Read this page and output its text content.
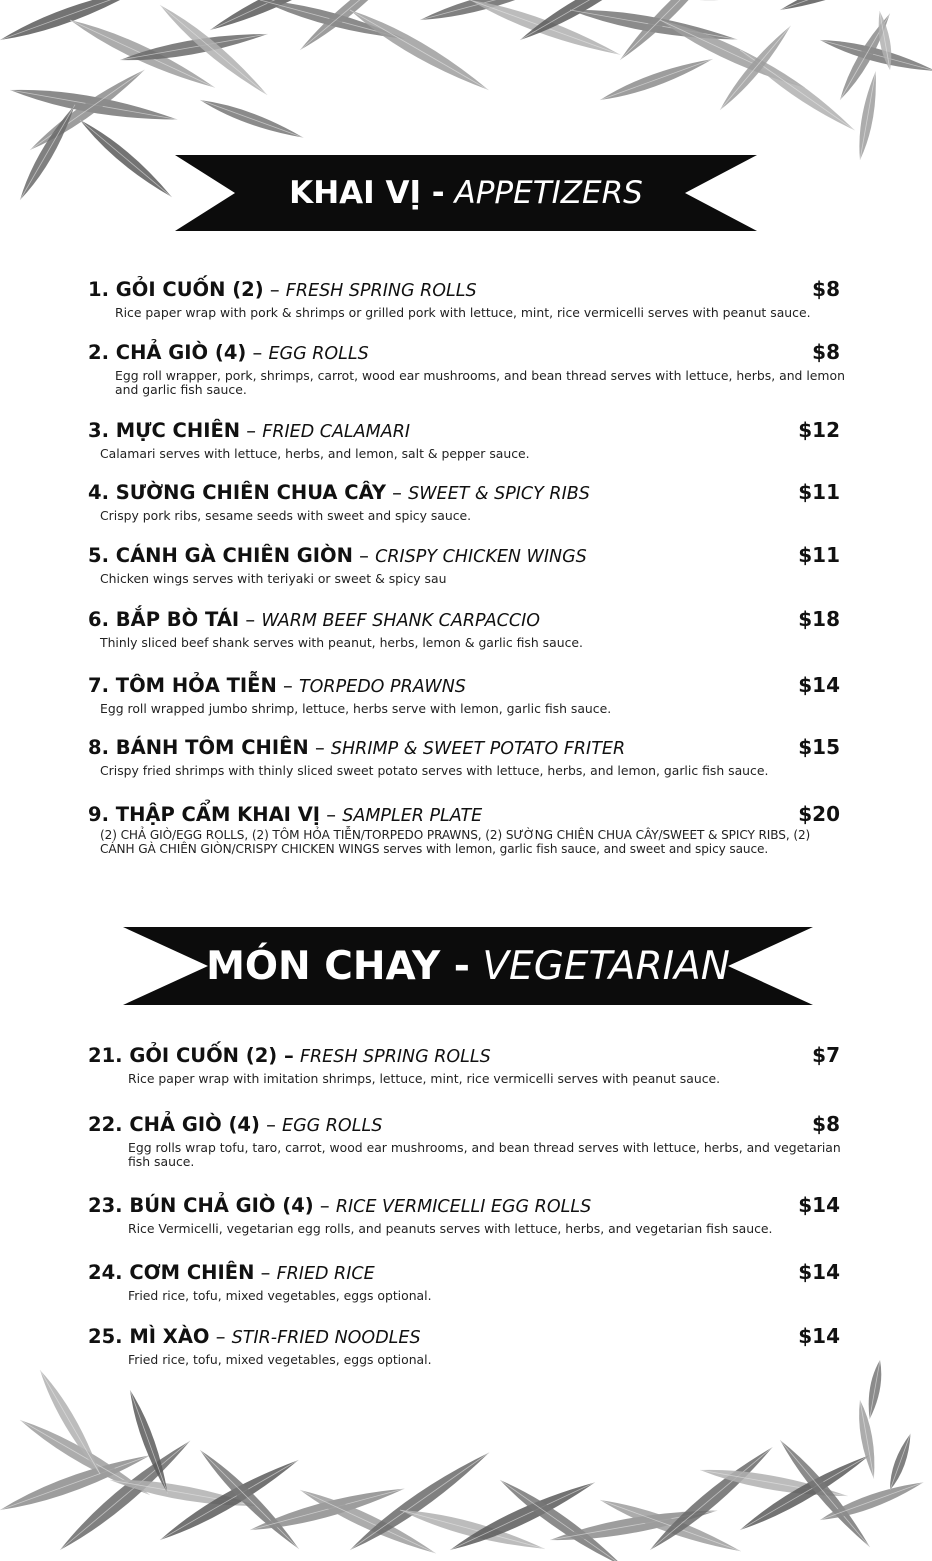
KHAI VỊ -
APPETIZERS
MÓN CHAY -
VEGETARIAN
1. GỎI CUỐN (2) – FRESH SPRING ROLLS	$8
Rice paper wrap with pork & shrimps or grilled pork with lettuce, mint, rice vermicelli serves with peanut sauce.
2. CHẢ GIÒ (4) – EGG ROLLS	$8
Egg roll wrapper, pork, shrimps, carrot, wood ear mushrooms, and bean thread serves with lettuce, herbs, and lemon and garlic fish sauce.
3. MỰC CHIÊN – FRIED CALAMARI	$12
Calamari serves with lettuce, herbs, and lemon, salt & pepper sauce.
4. SƯỜNG CHIÊN CHUA CÂY – SWEET & SPICY RIBS	$11
Crispy pork ribs, sesame seeds with sweet and spicy sauce.
5. CÁNH GÀ CHIÊN GIÒN – CRISPY CHICKEN WINGS	$11
Chicken wings serves with teriyaki or sweet & spicy sau
6. BẮP BÒ TÁI – WARM BEEF SHANK CARPACCIO	$18
Thinly sliced beef shank serves with peanut, herbs, lemon & garlic fish sauce.
7. TÔM HỎA TIỄN – TORPEDO PRAWNS	$14
Egg roll wrapped jumbo shrimp, lettuce, herbs serve with lemon, garlic fish sauce.
8. BÁNH TÔM CHIÊN – SHRIMP & SWEET POTATO FRITER	$15
Crispy fried shrimps with thinly sliced sweet potato serves with lettuce, herbs, and lemon, garlic fish sauce.
9. THẬP CẨM KHAI VỊ – SAMPLER PLATE	$20
(2) CHẢ GIÒ/EGG ROLLS, (2) TÔM HỎA TIỄN/TORPEDO PRAWNS, (2) SƯỜNG CHIÊN CHUA CÂY/SWEET & SPICY RIBS, (2) CÁNH GÀ CHIÊN GIÒN/CRISPY CHICKEN WINGS serves with lemon, garlic fish sauce, and sweet and spicy sauce.
21. GỎI CUỐN (2) – FRESH SPRING ROLLS	$7
Rice paper wrap with imitation shrimps, lettuce, mint, rice vermicelli serves with peanut sauce.
22. CHẢ GIÒ (4) – EGG ROLLS	$8
Egg rolls wrap tofu, taro, carrot, wood ear mushrooms, and bean thread serves with lettuce, herbs, and vegetarian fish sauce.
23. BÚN CHẢ GIÒ (4) – RICE VERMICELLI EGG ROLLS	$14
Rice Vermicelli, vegetarian egg rolls, and peanuts serves with lettuce, herbs, and vegetarian fish sauce.
24. CƠM CHIÊN – FRIED RICE	$14
Fried rice, tofu, mixed vegetables, eggs optional.
25. MÌ XÀO – STIR-FRIED NOODLES	$14
Fried rice, tofu, mixed vegetables, eggs optional.
